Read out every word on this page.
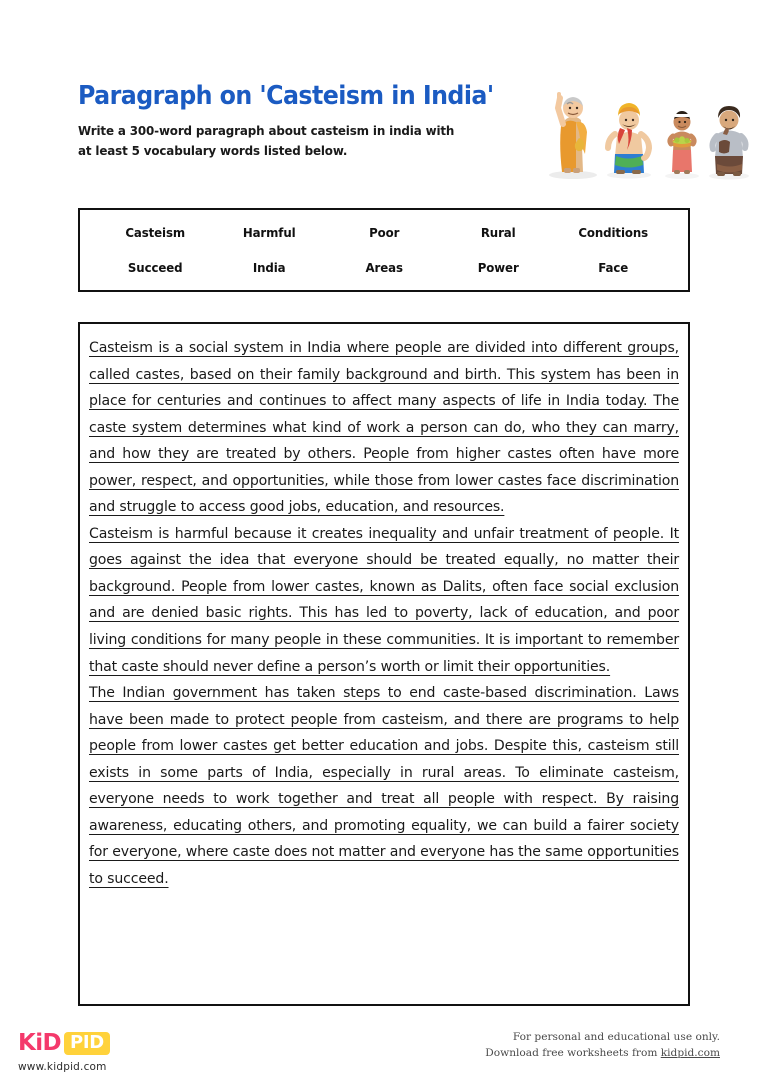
Paragraph on 'Casteism in India'
Write a 300-word paragraph about casteism in india with
at least 5 vocabulary words listed below.
Casteism	Harmful	Poor	Rural	Conditions
Succeed	India	Areas	Power	Face

Casteism is a social system in India where people are divided into different groups, called castes, based on their family background and birth. This system has been in place for centuries and continues to affect many aspects of life in India today. The caste system determines what kind of work a person can do, who they can marry, and how they are treated by others. People from higher castes often have more power, respect, and opportunities, while those from lower castes face discrimination and struggle to access good jobs, education, and resources.

Casteism is harmful because it creates inequality and unfair treatment of people. It goes against the idea that everyone should be treated equally, no matter their background. People from lower castes, known as Dalits, often face social exclusion and are denied basic rights. This has led to poverty, lack of education, and poor living conditions for many people in these communities. It is important to remember that caste should never define a person’s worth or limit their opportunities.

The Indian government has taken steps to end caste-based discrimination. Laws have been made to protect people from casteism, and there are programs to help people from lower castes get better education and jobs. Despite this, casteism still exists in some parts of India, especially in rural areas. To eliminate casteism, everyone needs to work together and treat all people with respect. By raising awareness, educating others, and promoting equality, we can build a fairer society for everyone, where caste does not matter and everyone has the same opportunities to succeed.

KiD PID
www.kidpid.com
For personal and educational use only.
Download free worksheets from kidpid.com
